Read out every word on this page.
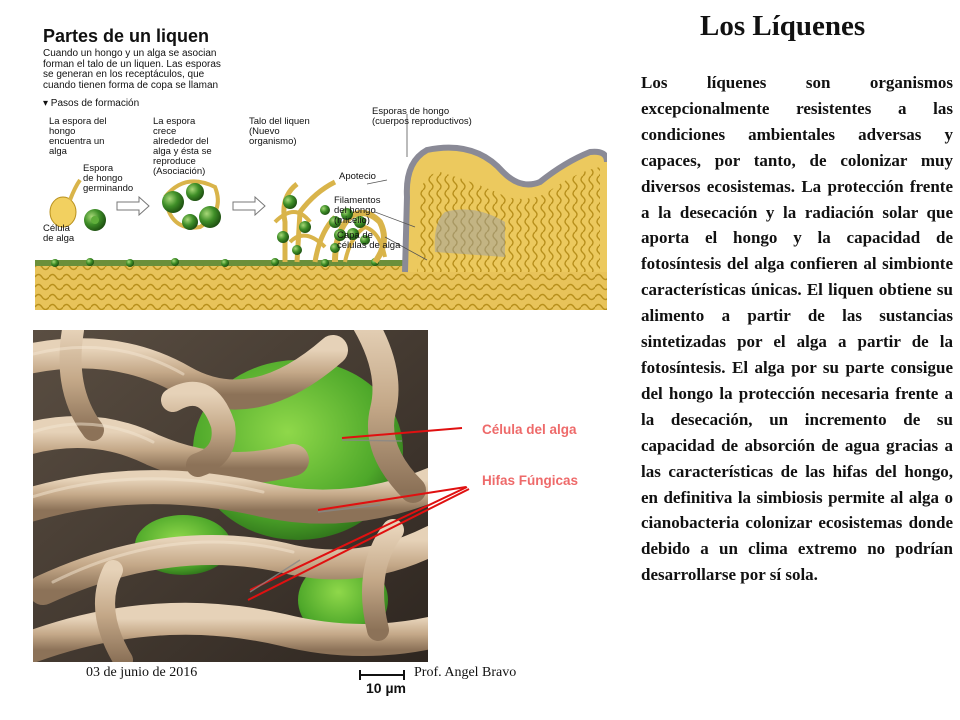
Partes de un liquen
Cuando un hongo y un alga se asocian
forman el talo de un liquen. Las esporas
se generan en los receptáculos, que
cuando tienen forma de copa se llaman
▾ Pasos de formación
La espora del
hongo
encuentra un
alga
La espora
crece
alrededor del
alga y ésta se
reproduce
(Asociación)
Talo del liquen
(Nuevo
organismo)
Esporas de hongo
(cuerpos reproductivos)
Espora
de hongo
germinando
Célula
de alga
Apotecio
Filamentos
del hongo
(micelio)
Capa de
células de alga
10 µm
Célula del alga
Hifas Fúngicas
03 de junio de 2016	Prof. Angel Bravo
Los Líquenes
Los líquenes son organismos excepcionalmente resistentes a las condiciones ambientales adversas y capaces, por tanto, de colonizar muy diversos ecosistemas. La protección frente a la desecación y la radiación solar que aporta el hongo y la capacidad de fotosíntesis del alga confieren al simbionte características únicas. El liquen obtiene su alimento a partir de las sustancias sintetizadas por el alga a partir de la fotosíntesis. El alga por su parte consigue del hongo la protección necesaria frente a la desecación, un incremento de su capacidad de absorción de agua gracias a las características de las hifas del hongo, en definitiva la simbiosis permite al alga o cianobacteria colonizar ecosistemas donde debido a un clima extremo no podrían desarrollarse por sí sola.
